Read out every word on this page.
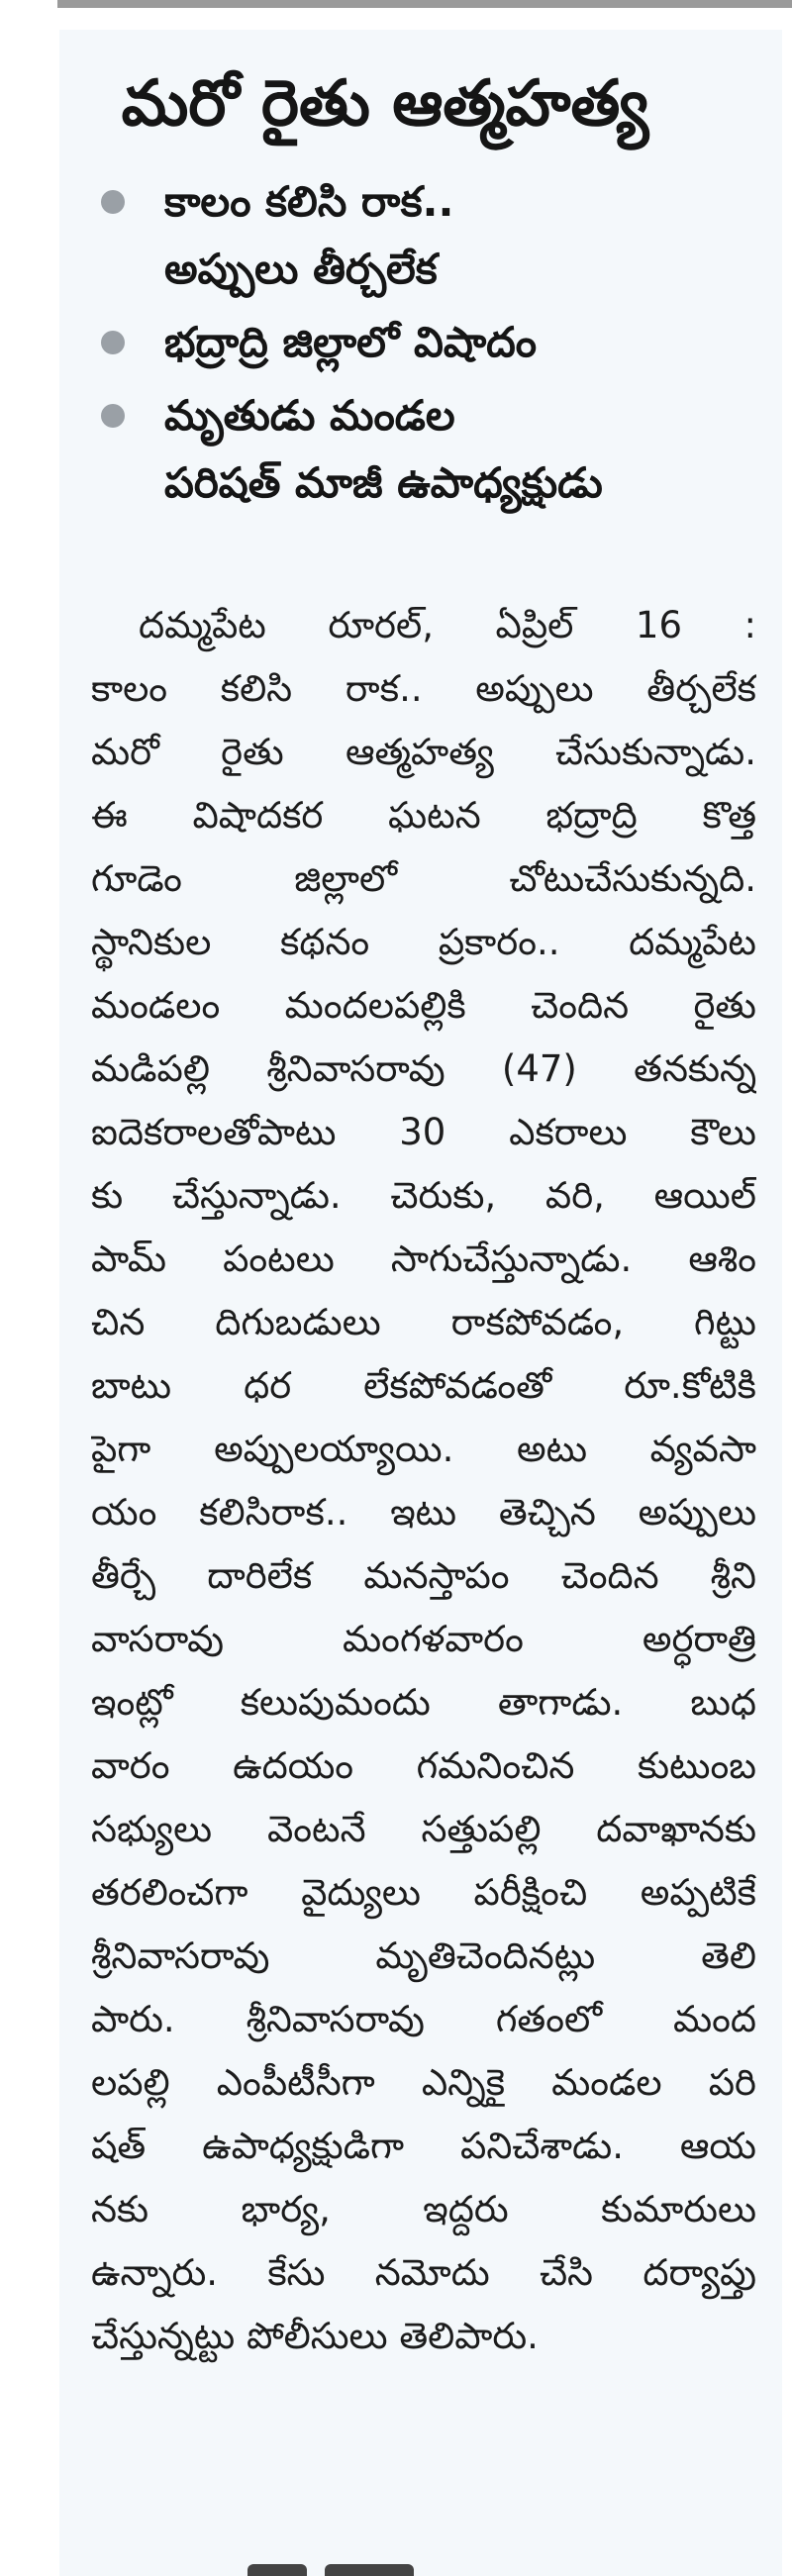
మరో రైతు ఆత్మహత్య
కాలం కలిసి రాక..
అప్పులు తీర్చలేక
భద్రాద్రి జిల్లాలో విషాదం
మృతుడు మండల
పరిషత్ మాజీ ఉపాధ్యక్షుడు
దమ్మపేట రూరల్, ఏప్రిల్ 16 :
కాలం కలిసి రాక.. అప్పులు తీర్చలేక
మరో రైతు ఆత్మహత్య చేసుకున్నాడు.
ఈ విషాదకర ఘటన భద్రాద్రి కొత్త
గూడెం జిల్లాలో చోటుచేసుకున్నది.
స్థానికుల కథనం ప్రకారం.. దమ్మపేట
మండలం మందలపల్లికి చెందిన రైతు
మడిపల్లి శ్రీనివాసరావు (47) తనకున్న
ఐదెకరాలతోపాటు 30 ఎకరాలు కౌలు
కు చేస్తున్నాడు. చెరుకు, వరి, ఆయిల్
పామ్ పంటలు సాగుచేస్తున్నాడు. ఆశిం
చిన దిగుబడులు రాకపోవడం, గిట్టు
బాటు ధర లేకపోవడంతో రూ.కోటికి
పైగా అప్పులయ్యాయి. అటు వ్యవసా
యం కలిసిరాక.. ఇటు తెచ్చిన అప్పులు
తీర్చే దారిలేక మనస్తాపం చెందిన శ్రీని
వాసరావు మంగళవారం అర్ధరాత్రి
ఇంట్లో కలుపుమందు తాగాడు. బుధ
వారం ఉదయం గమనించిన కుటుంబ
సభ్యులు వెంటనే సత్తుపల్లి దవాఖానకు
తరలించగా వైద్యులు పరీక్షించి అప్పటికే
శ్రీనివాసరావు మృతిచెందినట్లు తెలి
పారు. శ్రీనివాసరావు గతంలో మంద
లపల్లి ఎంపీటీసీగా ఎన్నికై మండల పరి
షత్ ఉపాధ్యక్షుడిగా పనిచేశాడు. ఆయ
నకు భార్య, ఇద్దరు కుమారులు
ఉన్నారు. కేసు నమోదు చేసి దర్యాప్తు
చేస్తున్నట్టు పోలీసులు తెలిపారు.
